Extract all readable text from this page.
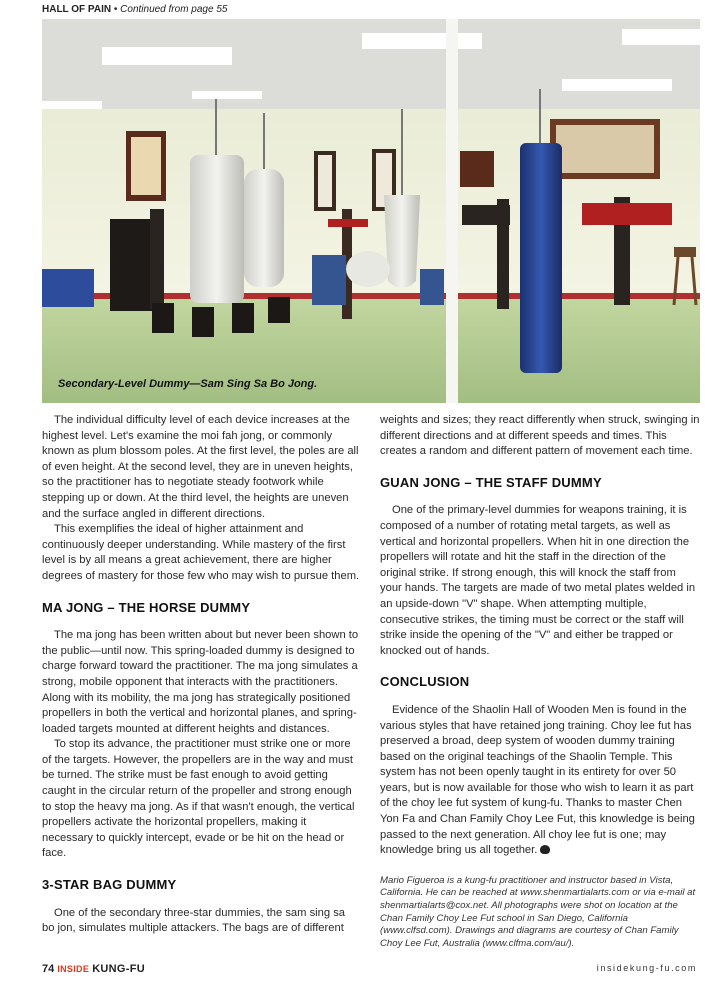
HALL OF PAIN • Continued from page 55
Secondary-Level Dummy—Sam Sing Sa Bo Jong.

The individual difficulty level of each device increases at the highest level. Let's examine the moi fah jong, or commonly known as plum blossom poles. At the first level, the poles are all of even height. At the second level, they are in uneven heights, so the practitioner has to negotiate steady footwork while stepping up or down. At the third level, the heights are uneven and the surface angled in different directions.

This exemplifies the ideal of higher attainment and continuously deeper understanding. While mastery of the first level is by all means a great achievement, there are higher degrees of mastery for those few who may wish to pursue them.

MA JONG – THE HORSE DUMMY

The ma jong has been written about but never been shown to the public—until now. This spring-loaded dummy is designed to charge forward toward the practitioner. The ma jong simulates a strong, mobile opponent that interacts with the practitioners. Along with its mobility, the ma jong has strategically positioned propellers in both the vertical and horizontal planes, and spring-loaded targets mounted at different heights and distances.

To stop its advance, the practitioner must strike one or more of the targets. However, the propellers are in the way and must be turned. The strike must be fast enough to avoid getting caught in the circular return of the propeller and strong enough to stop the heavy ma jong. As if that wasn't enough, the vertical propellers activate the horizontal propellers, making it necessary to quickly intercept, evade or be hit on the head or face.

3-STAR BAG DUMMY

One of the secondary three-star dummies, the sam sing sa bo jon, simulates multiple attackers. The bags are of different

weights and sizes; they react differently when struck, swinging in different directions and at different speeds and times. This creates a random and different pattern of movement each time.

GUAN JONG – THE STAFF DUMMY

One of the primary-level dummies for weapons training, it is composed of a number of rotating metal targets, as well as vertical and horizontal propellers. When hit in one direction the propellers will rotate and hit the staff in the direction of the original strike. If strong enough, this will knock the staff from your hands. The targets are made of two metal plates welded in an upside-down "V" shape. When attempting multiple, consecutive strikes, the timing must be correct or the staff will strike inside the opening of the "V" and either be trapped or knocked out of hands.

CONCLUSION

Evidence of the Shaolin Hall of Wooden Men is found in the various styles that have retained jong training. Choy lee fut has preserved a broad, deep system of wooden dummy training based on the original teachings of the Shaolin Temple. This system has not been openly taught in its entirety for over 50 years, but is now available for those who wish to learn it as part of the choy lee fut system of kung-fu. Thanks to master Chen Yon Fa and Chan Family Choy Lee Fut, this knowledge is being passed to the next generation. All choy lee fut is one; may knowledge bring us all together.

Mario Figueroa is a kung-fu practitioner and instructor based in Vista, California. He can be reached at www.shenmartialarts.com or via e-mail at shenmartialarts@cox.net. All photographs were shot on location at the Chan Family Choy Lee Fut school in San Diego, California (www.clfsd.com). Drawings and diagrams are courtesy of Chan Family Choy Lee Fut, Australia (www.clfma.com/au/).

74 INSIDE KUNG-FU	insidekung-fu.com
